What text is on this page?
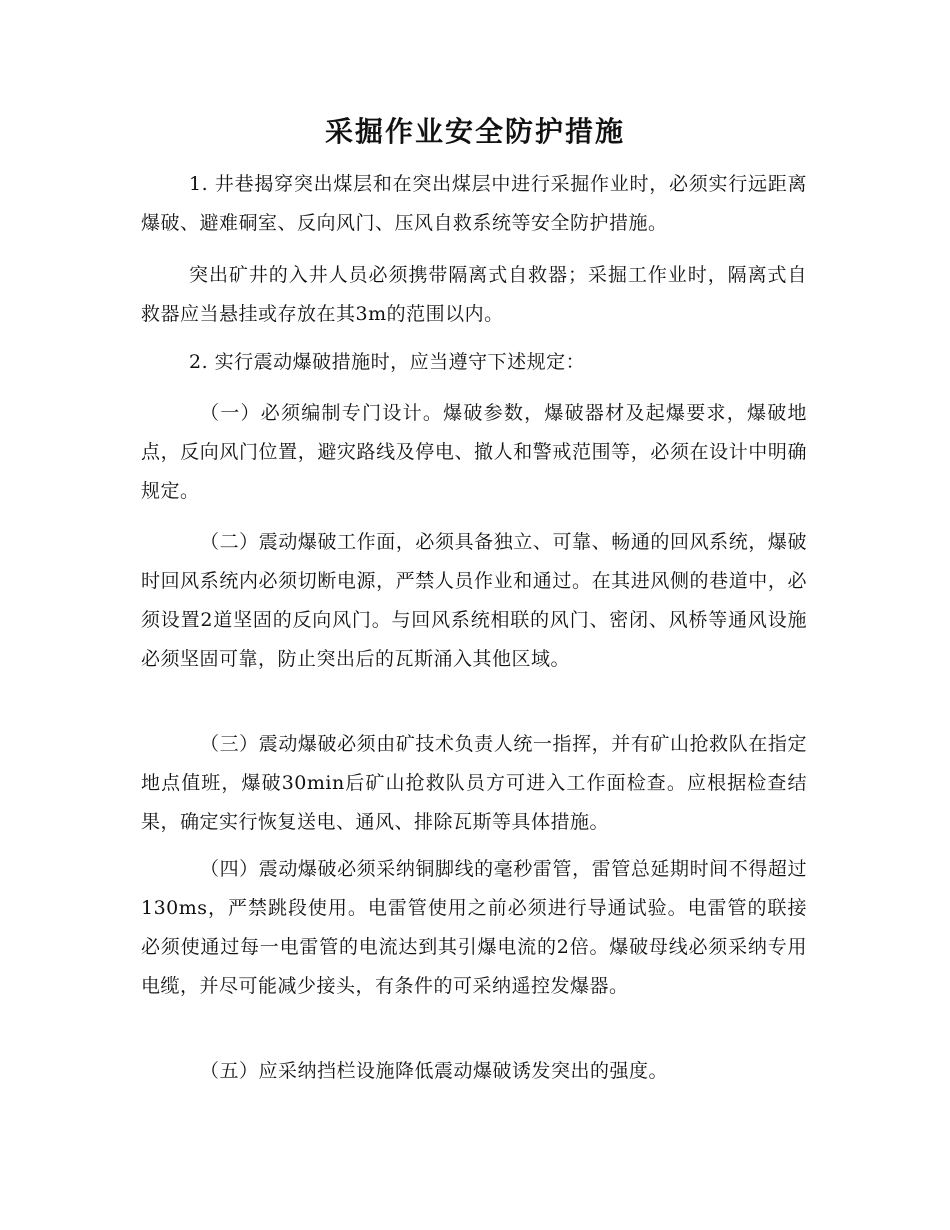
采掘作业安全防护措施

1. 井巷揭穿突出煤层和在突出煤层中进行采掘作业时，必须实行远距离爆破、避难硐室、反向风门、压风自救系统等安全防护措施。

突出矿井的入井人员必须携带隔离式自救器；采掘工作业时，隔离式自救器应当悬挂或存放在其3m的范围以内。

2. 实行震动爆破措施时，应当遵守下述规定：

（一）必须编制专门设计。爆破参数，爆破器材及起爆要求，爆破地点，反向风门位置，避灾路线及停电、撤人和警戒范围等，必须在设计中明确规定。

（二）震动爆破工作面，必须具备独立、可靠、畅通的回风系统，爆破时回风系统内必须切断电源，严禁人员作业和通过。在其进风侧的巷道中，必须设置2道坚固的反向风门。与回风系统相联的风门、密闭、风桥等通风设施必须坚固可靠，防止突出后的瓦斯涌入其他区域。

（三）震动爆破必须由矿技术负责人统一指挥，并有矿山抢救队在指定地点值班，爆破30min后矿山抢救队员方可进入工作面检查。应根据检查结果，确定实行恢复送电、通风、排除瓦斯等具体措施。

（四）震动爆破必须采纳铜脚线的毫秒雷管，雷管总延期时间不得超过130ms，严禁跳段使用。电雷管使用之前必须进行导通试验。电雷管的联接必须使通过每一电雷管的电流达到其引爆电流的2倍。爆破母线必须采纳专用电缆，并尽可能减少接头，有条件的可采纳遥控发爆器。

（五）应采纳挡栏设施降低震动爆破诱发突出的强度。
